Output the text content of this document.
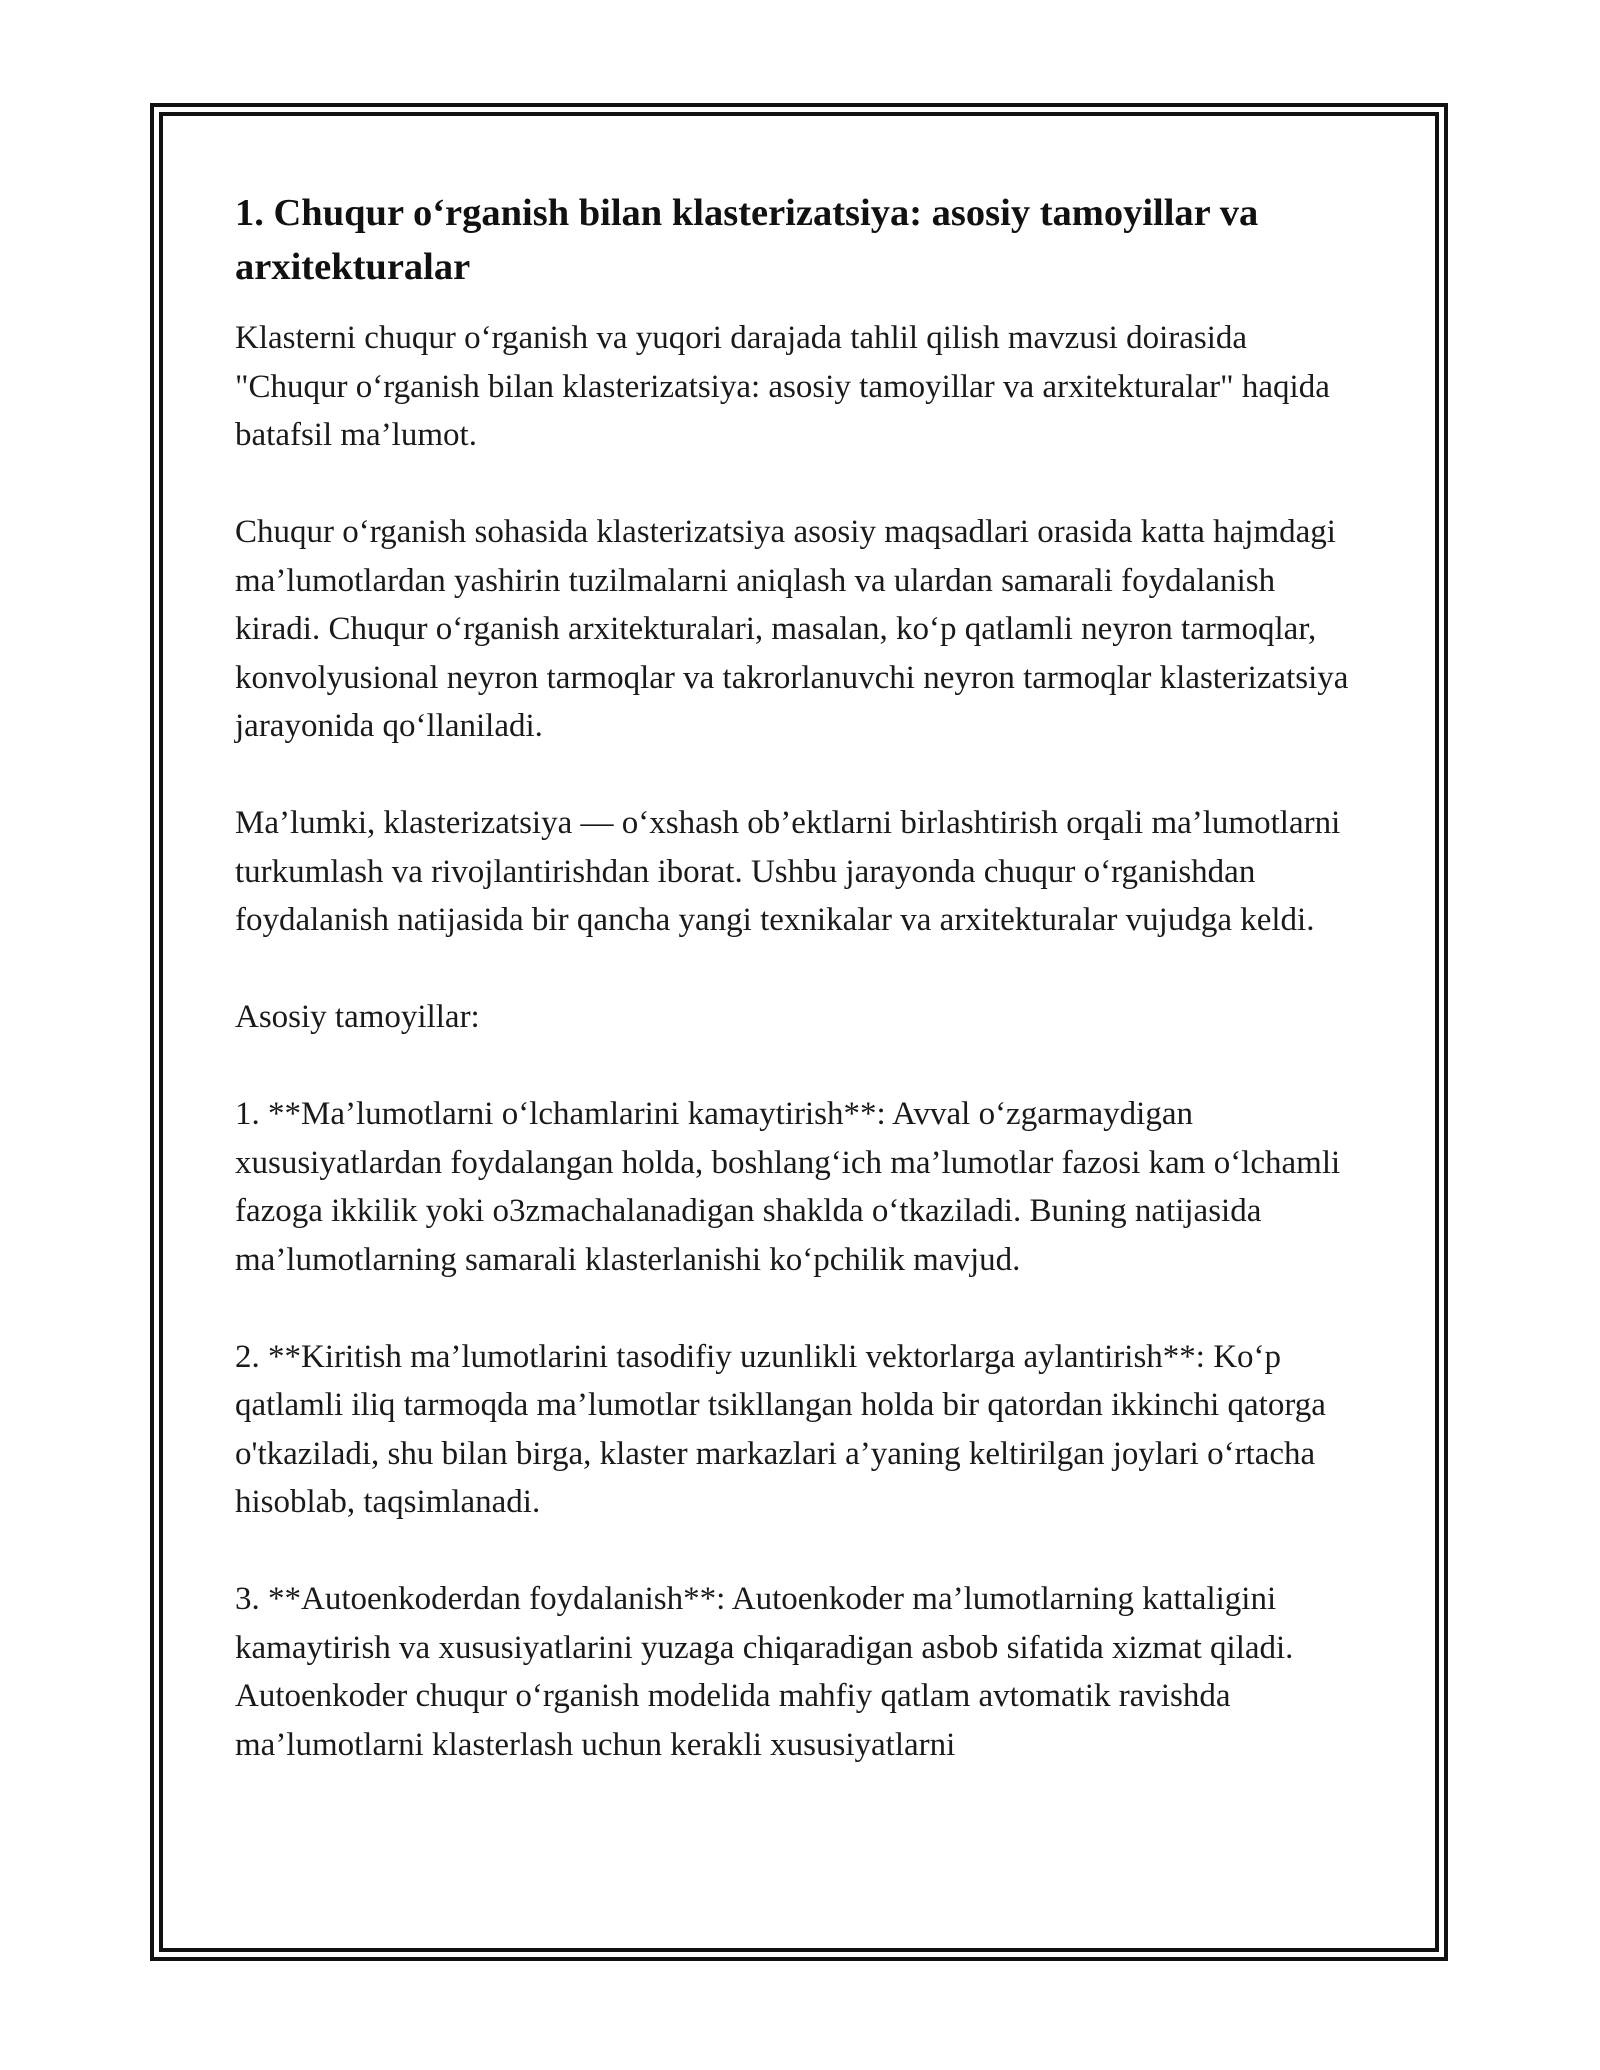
1. Chuqur o‘rganish bilan klasterizatsiya: asosiy tamoyillar va arxitekturalar

Klasterni chuqur o‘rganish va yuqori darajada tahlil qilish mavzusi doirasida "Chuqur o‘rganish bilan klasterizatsiya: asosiy tamoyillar va arxitekturalar" haqida batafsil ma’lumot.

Chuqur o‘rganish sohasida klasterizatsiya asosiy maqsadlari orasida katta hajmdagi ma’lumotlardan yashirin tuzilmalarni aniqlash va ulardan samarali foydalanish kiradi. Chuqur o‘rganish arxitekturalari, masalan, ko‘p qatlamli neyron tarmoqlar, konvolyusional neyron tarmoqlar va takrorlanuvchi neyron tarmoqlar klasterizatsiya jarayonida qo‘llaniladi.

Ma’lumki, klasterizatsiya — o‘xshash ob’ektlarni birlashtirish orqali ma’lumotlarni turkumlash va rivojlantirishdan iborat. Ushbu jarayonda chuqur o‘rganishdan foydalanish natijasida bir qancha yangi texnikalar va arxitekturalar vujudga keldi.

Asosiy tamoyillar:

1. **Ma’lumotlarni o‘lchamlarini kamaytirish**: Avval o‘zgarmaydigan xususiyatlardan foydalangan holda, boshlang‘ich ma’lumotlar fazosi kam o‘lchamli fazoga ikkilik yoki o3zmachalanadigan shaklda o‘tkaziladi. Buning natijasida ma’lumotlarning samarali klasterlanishi ko‘pchilik mavjud.

2. **Kiritish ma’lumotlarini tasodifiy uzunlikli vektorlarga aylantirish**: Ko‘p qatlamli iliq tarmoqda ma’lumotlar tsikllangan holda bir qatordan ikkinchi qatorga o'tkaziladi, shu bilan birga, klaster markazlari a’yaning keltirilgan joylari o‘rtacha hisoblab, taqsimlanadi.

3. **Autoenkoderdan foydalanish**: Autoenkoder ma’lumotlarning kattaligini kamaytirish va xususiyatlarini yuzaga chiqaradigan asbob sifatida xizmat qiladi. Autoenkoder chuqur o‘rganish modelida mahfiy qatlam avtomatik ravishda ma’lumotlarni klasterlash uchun kerakli xususiyatlarni
